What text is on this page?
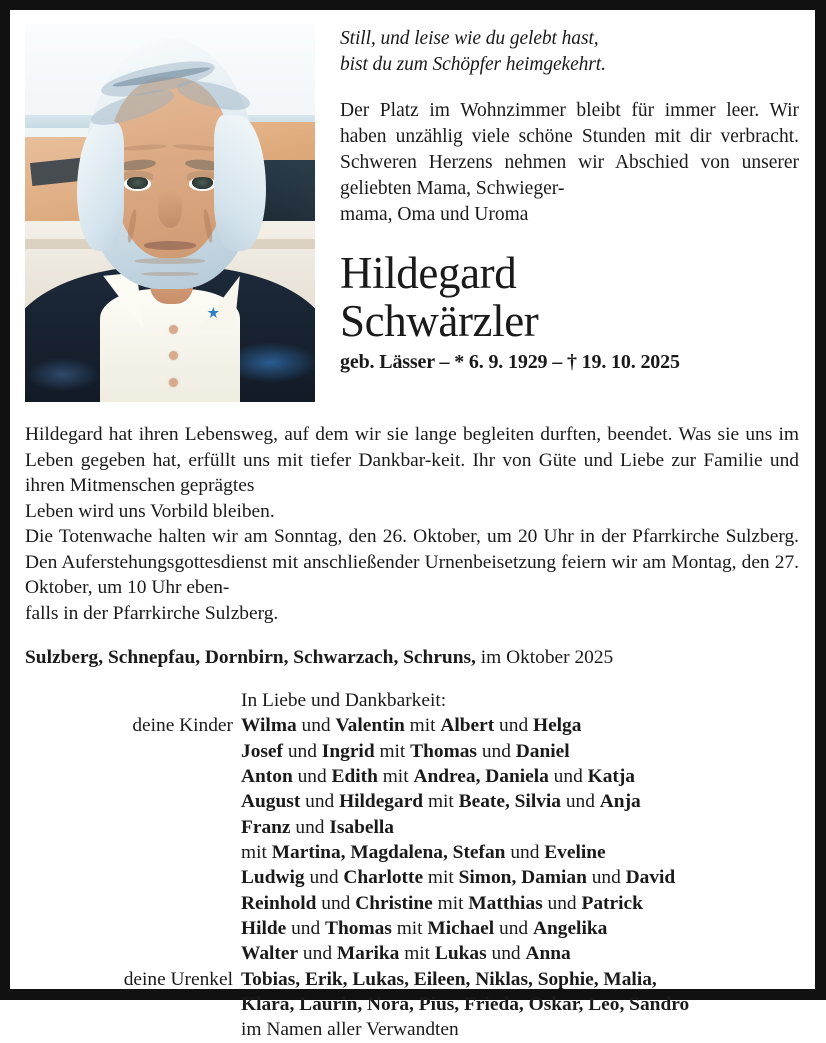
Still, und leise wie du gelebt hast,
bist du zum Schöpfer heimgekehrt.
Der Platz im Wohnzimmer bleibt für immer leer. Wir haben unzählig viele schöne Stunden mit dir verbracht. Schweren Herzens nehmen wir Abschied von unserer geliebten Mama, Schwieger-
mama, Oma und Uroma
Hildegard
Schwärzler
geb. Lässer – * 6. 9. 1929 – † 19. 10. 2025

Hildegard hat ihren Lebensweg, auf dem wir sie lange begleiten durften, beendet. Was sie uns im Leben gegeben hat, erfüllt uns mit tiefer Dankbar-keit. Ihr von Güte und Liebe zur Familie und ihren Mitmenschen geprägtes

Leben wird uns Vorbild bleiben.

Die Totenwache halten wir am Sonntag, den 26. Oktober, um 20 Uhr in der Pfarrkirche Sulzberg. Den Auferstehungsgottesdienst mit anschließender Urnenbeisetzung feiern wir am Montag, den 27. Oktober, um 10 Uhr eben-

falls in der Pfarrkirche Sulzberg.

Sulzberg, Schnepfau, Dornbirn, Schwarzach, Schruns, im Oktober 2025
In Liebe und Dankbarkeit:
deine Kinder Wilma und Valentin mit Albert und Helga
Josef und Ingrid mit Thomas und Daniel
Anton und Edith mit Andrea, Daniela und Katja
August und Hildegard mit Beate, Silvia und Anja
Franz und Isabella
mit Martina, Magdalena, Stefan und Eveline
Ludwig und Charlotte mit Simon, Damian und David
Reinhold und Christine mit Matthias und Patrick
Hilde und Thomas mit Michael und Angelika
Walter und Marika mit Lukas und Anna
deine Urenkel Tobias, Erik, Lukas, Eileen, Niklas, Sophie, Malia,
Klara, Laurin, Nora, Pius, Frieda, Oskar, Leo, Sandro
im Namen aller Verwandten
